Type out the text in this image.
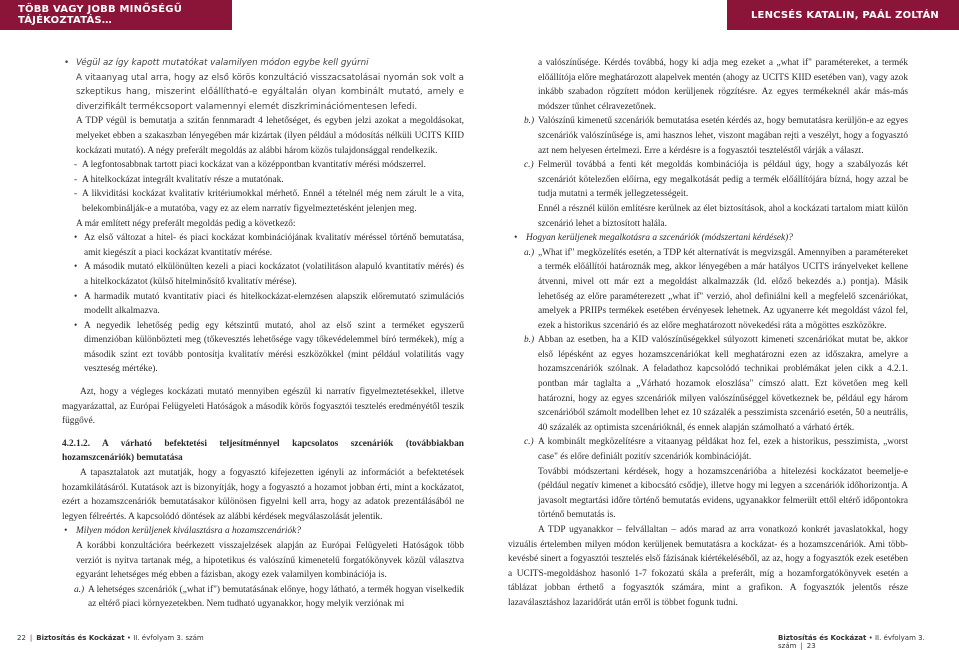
TÖBB VAGY JOBB MINŐSÉGŰ TÁJÉKOZTATÁS…	LENCSÉS KATALIN, PAÁL ZOLTÁN

• Végül az így kapott mutatókat valamilyen módon egybe kell gyúrni

A vitaanyag utal arra, hogy az első körös konzultáció visszacsatolásai nyomán sok volt a szkeptikus hang, miszerint előállítható-e egyáltalán olyan kombinált mutató, amely e diverzifikált termékcsoport valamennyi elemét diszkriminációmentesen lefedi.

A TDP végül is bemutatja a szitán fennmaradt 4 lehetőséget, és egyben jelzi azokat a megoldásokat, melyeket ebben a szakaszban lényegében már kizártak (ilyen például a módosítás nélküli UCITS KIID kockázati mutató). A négy preferált megoldás az alábbi három közös tulajdonsággal rendelkezik.

- A legfontosabbnak tartott piaci kockázat van a középpontban kvantitatív mérési módszerrel.

- A hitelkockázat integrált kvalitatív része a mutatónak.

- A likviditási kockázat kvalitatív kritériumokkal mérhető. Ennél a tételnél még nem zárult le a vita, belekombinálják-e a mutatóba, vagy ez az elem narratív figyelmeztetésként jelenjen meg.

A már említett négy preferált megoldás pedig a következő:

• Az első változat a hitel- és piaci kockázat kombinációjának kvalitatív méréssel történő bemutatása, amit kiegészít a piaci kockázat kvantitatív mérése.

• A második mutató elkülönülten kezeli a piaci kockázatot (volatilitáson alapuló kvantitatív mérés) és a hitelkockázatot (külső hitelminősítő kvalitatív mérése).

• A harmadik mutató kvantitatív piaci és hitelkockázat-elemzésen alapszik előremutató szimulációs modellt alkalmazva.

• A negyedik lehetőség pedig egy kétszintű mutató, ahol az első szint a terméket egyszerű dimenzióban különbözteti meg (tőkevesztés lehetősége vagy tőkevédelemmel bíró termékek), míg a második szint ezt tovább pontosítja kvalitatív mérési eszközökkel (mint például volatilitás vagy veszteség mértéke).

Azt, hogy a végleges kockázati mutató mennyiben egészül ki narratív figyelmeztetésekkel, illetve magyarázattal, az Európai Felügyeleti Hatóságok a második körös fogyasztói tesztelés eredményétől teszik függővé.

4.2.1.2. A várható befektetési teljesítménnyel kapcsolatos szcenáriók (továbbiakban hozamszcenáriók) bemutatása

A tapasztalatok azt mutatják, hogy a fogyasztó kifejezetten igényli az információt a befektetések hozamkilátásáról. Kutatások azt is bizonyítják, hogy a fogyasztó a hozamot jobban érti, mint a kockázatot, ezért a hozamszcenáriók bemutatásakor különösen figyelni kell arra, hogy az adatok prezentálásából ne legyen félreértés. A kapcsolódó döntések az alábbi kérdések megválaszolását jelentik.

• Milyen módon kerüljenek kiválasztásra a hozamszcenáriók?

A korábbi konzultációra beérkezett visszajelzések alapján az Európai Felügyeleti Hatóságok több verziót is nyitva tartanak még, a hipotetikus és valószínű kimenetelű forgatókönyvek közül választva egyaránt lehetséges még ebben a fázisban, akogy ezek valamilyen kombinációja is.

a.) A lehetséges szcenáriók („what if") bemutatásának előnye, hogy látható, a termék hogyan viselkedik az eltérő piaci környezetekben. Nem tudható ugyanakkor, hogy melyik verziónak mi

a valószínűsége. Kérdés továbbá, hogy ki adja meg ezeket a „what if" paramétereket, a termék előállítója előre meghatározott alapelvek mentén (ahogy az UCITS KIID esetében van), vagy azok inkább szabadon rögzített módon kerüljenek rögzítésre. Az egyes termékeknél akár más-más módszer tűnhet célravezetőnek.

b.) Valószínű kimenetű szcenáriók bemutatása esetén kérdés az, hogy bemutatásra kerüljön-e az egyes szcenáriók valószínűsége is, ami hasznos lehet, viszont magában rejti a veszélyt, hogy a fogyasztó azt nem helyesen értelmezi. Erre a kérdésre is a fogyasztói teszteléstől várják a választ.

c.) Felmerül továbbá a fenti két megoldás kombinációja is például úgy, hogy a szabályozás két szcenáriót kötelezően előírna, egy megalkotását pedig a termék előállítójára bízná, hogy azzal be tudja mutatni a termék jellegzetességeit.

Ennél a résznél külön említésre kerülnek az élet biztosítások, ahol a kockázati tartalom miatt külön szcenárió lehet a biztosított halála.

• Hogyan kerüljenek megalkotásra a szcenáriók (módszertani kérdések)?

a.) „What if" megközelítés esetén, a TDP két alternatívát is megvizsgál. Amennyiben a paramétereket a termék előállítói határoznák meg, akkor lényegében a már hatályos UCITS irányelveket kellene átvenni, mivel ott már ezt a megoldást alkalmazzák (ld. előző bekezdés a.) pontja). Másik lehetőség az előre paraméterezett „what if" verzió, ahol definiálni kell a megfelelő szcenáriókat, amelyek a PRIIPs termékek esetében érvényesek lehetnek. Az ugyanerre két megoldást vázol fel, ezek a historikus szcenárió és az előre meghatározott növekedési ráta a mögöttes eszközökre.

b.) Abban az esetben, ha a KID valószínűségekkel súlyozott kimeneti szcenáriókat mutat be, akkor első lépésként az egyes hozamszcenáriókat kell meghatározni ezen az időszakra, amelyre a hozamszcenáriók szólnak. A feladathoz kapcsolódó technikai problémákat jelen cikk a 4.2.1. pontban már taglalta a „Várható hozamok eloszlása" címszó alatt. Ezt követően meg kell határozni, hogy az egyes szcenáriók milyen valószínűséggel következnek be, például egy három szcenárióból számolt modellben lehet ez 10 százalék a pesszimista szcenárió esetén, 50 a neutrális, 40 százalék az optimista szcenárióknál, és ennek alapján számolható a várható érték.

c.) A kombinált megközelítésre a vitaanyag példákat hoz fel, ezek a historikus, pesszimista, „worst case" és előre definiált pozitív szcenáriók kombinációját.

További módszertani kérdések, hogy a hozamszcenárióba a hitelezési kockázatot beemelje-e (például negatív kimenet a kibocsátó csődje), illetve hogy mi legyen a szcenáriók időhorizontja. A javasolt megtartási időre történő bemutatás evidens, ugyanakkor felmerült ettől eltérő időpontokra történő bemutatás is.

A TDP ugyanakkor – felvállaltan – adós marad az arra vonatkozó konkrét javaslatokkal, hogy vizuális értelemben milyen módon kerüljenek bemutatásra a kockázat- és a hozamszcenáriók. Ami több-kevésbé sinert a fogyasztói tesztelés első fázisának kiértékeléséből, az az, hogy a fogyasztók ezek esetében a UCITS-megoldáshoz hasonló 1-7 fokozatú skála a preferált, míg a hozamforgatókönyvek esetén a táblázat jobban érthető a fogyasztók számára, mint a grafikon. A fogyasztók jelentős része lazaválasztáshoz lazaridőrát után erről is többet fogunk tudni.

22 | Biztosítás és Kockázat • II. évfolyam 3. szám	Biztosítás és Kockázat • II. évfolyam 3. szám | 23
